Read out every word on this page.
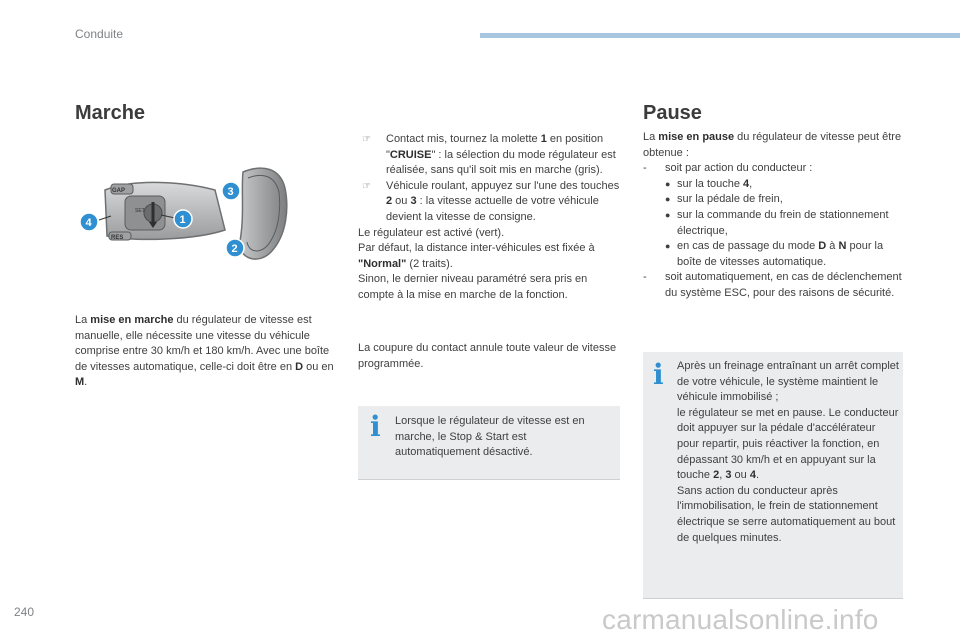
Conduite
Marche
GAP
RES
SET
1
2
3
4
La mise en marche du régulateur de vitesse est manuelle, elle nécessite une vitesse du véhicule comprise entre 30 km/h et 180 km/h. Avec une boîte de vitesses automatique, celle-ci doit être en D ou en M.
☞ Contact mis, tournez la molette 1 en position "CRUISE" : la sélection du mode régulateur est réalisée, sans qu'il soit mis en marche (gris).
☞ Véhicule roulant, appuyez sur l'une des touches 2 ou 3 : la vitesse actuelle de votre véhicule devient la vitesse de consigne.
Le régulateur est activé (vert).
Par défaut, la distance inter-véhicules est fixée à "Normal" (2 traits).
Sinon, le dernier niveau paramétré sera pris en compte à la mise en marche de la fonction.
La coupure du contact annule toute valeur de vitesse programmée.
i Lorsque le régulateur de vitesse est en marche, le Stop & Start est automatiquement désactivé.
Pause
La mise en pause du régulateur de vitesse peut être obtenue :
- soit par action du conducteur :
● sur la touche 4,
● sur la pédale de frein,
● sur la commande du frein de stationnement électrique,
● en cas de passage du mode D à N pour la boîte de vitesses automatique.
- soit automatiquement, en cas de déclenchement du système ESC, pour des raisons de sécurité.
i Après un freinage entraînant un arrêt complet de votre véhicule, le système maintient le véhicule immobilisé ;
le régulateur se met en pause. Le conducteur doit appuyer sur la pédale d'accélérateur pour repartir, puis réactiver la fonction, en dépassant 30 km/h et en appuyant sur la touche 2, 3 ou 4.
Sans action du conducteur après l'immobilisation, le frein de stationnement électrique se serre automatiquement au bout de quelques minutes.
240	carmanualsonline.info
